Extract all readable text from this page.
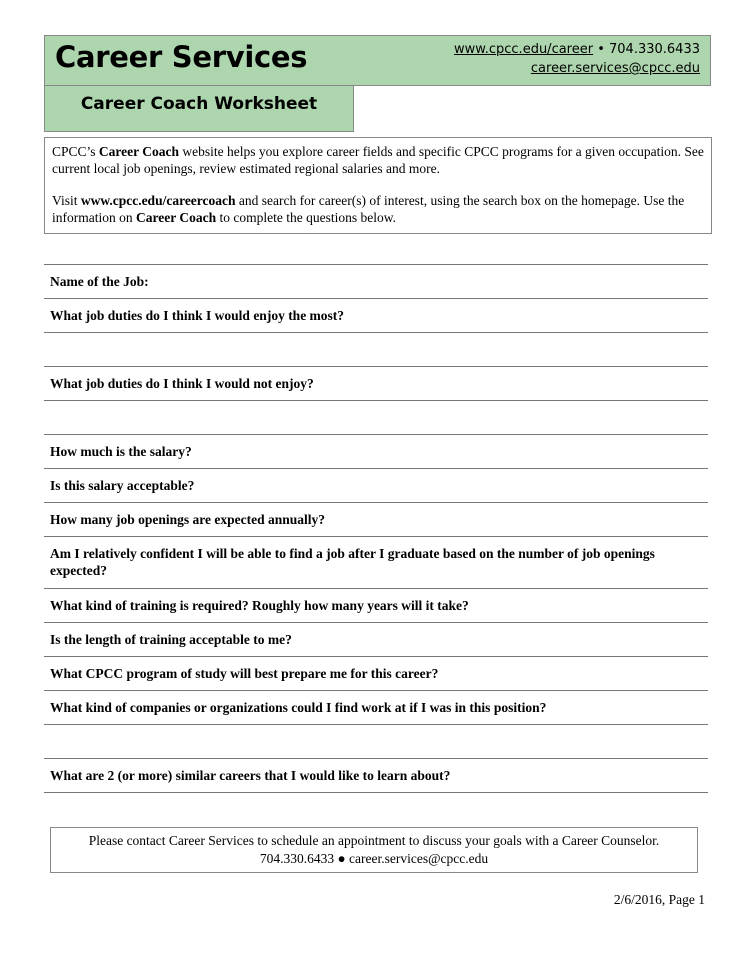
Career Services	www.cpcc.edu/career • 704.330.6433
career.services@cpcc.edu
Career Coach Worksheet

CPCC’s Career Coach website helps you explore career fields and specific CPCC programs for a given occupation. See current local job openings, review estimated regional salaries and more.

Visit www.cpcc.edu/careercoach and search for career(s) of interest, using the search box on the homepage. Use the information on Career Coach to complete the questions below.

Name of the Job:
What job duties do I think I would enjoy the most?
What job duties do I think I would not enjoy?
How much is the salary?
Is this salary acceptable?
How many job openings are expected annually?
Am I relatively confident I will be able to find a job after I graduate based on the number of job openings expected?
What kind of training is required? Roughly how many years will it take?
Is the length of training acceptable to me?
What CPCC program of study will best prepare me for this career?
What kind of companies or organizations could I find work at if I was in this position?
What are 2 (or more) similar careers that I would like to learn about?
Please contact Career Services to schedule an appointment to discuss your goals with a Career Counselor.
704.330.6433 ● career.services@cpcc.edu
2/6/2016, Page 1
